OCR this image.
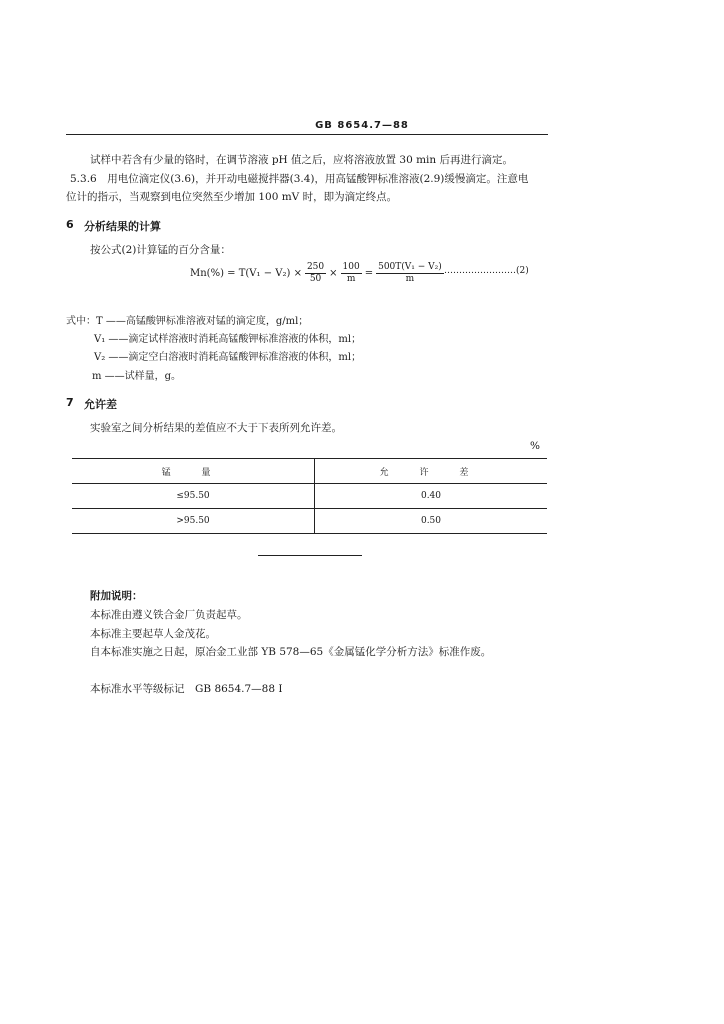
GB 8654.7—88
试样中若含有少量的铬时，在调节溶液 pH 值之后，应将溶液放置 30 min 后再进行滴定。
5.3.6　用电位滴定仪(3.6)，并开动电磁搅拌器(3.4)，用高锰酸钾标准溶液(2.9)缓慢滴定。注意电
位计的指示，当观察到电位突然至少增加 100 mV 时，即为滴定终点。
6 分析结果的计算
按公式(2)计算锰的百分含量：
$Mn(\%) = T(V_1 - V_2) \times \frac{250}{50} \times \frac{100}{m} = \frac{\text{500T(V₁ − V₂)}}{m}$ ……………………(2)
式中：T ——高锰酸钾标准溶液对锰的滴定度，g/ml；
V₁ ——滴定试样溶液时消耗高锰酸钾标准溶液的体积，ml；
V₂ ——滴定空白溶液时消耗高锰酸钾标准溶液的体积，ml；
m ——试样量，g。
7 允许差
实验室之间分析结果的差值应不大于下表所列允许差。
%
锰 量	允 许 差
≤95.50	0.40
>95.50	0.50
附加说明：
本标准由遵义铁合金厂负责起草。
本标准主要起草人金茂花。
自本标准实施之日起，原冶金工业部 YB 578—65《金属锰化学分析方法》标准作废。
本标准水平等级标记　GB 8654.7—88 I
